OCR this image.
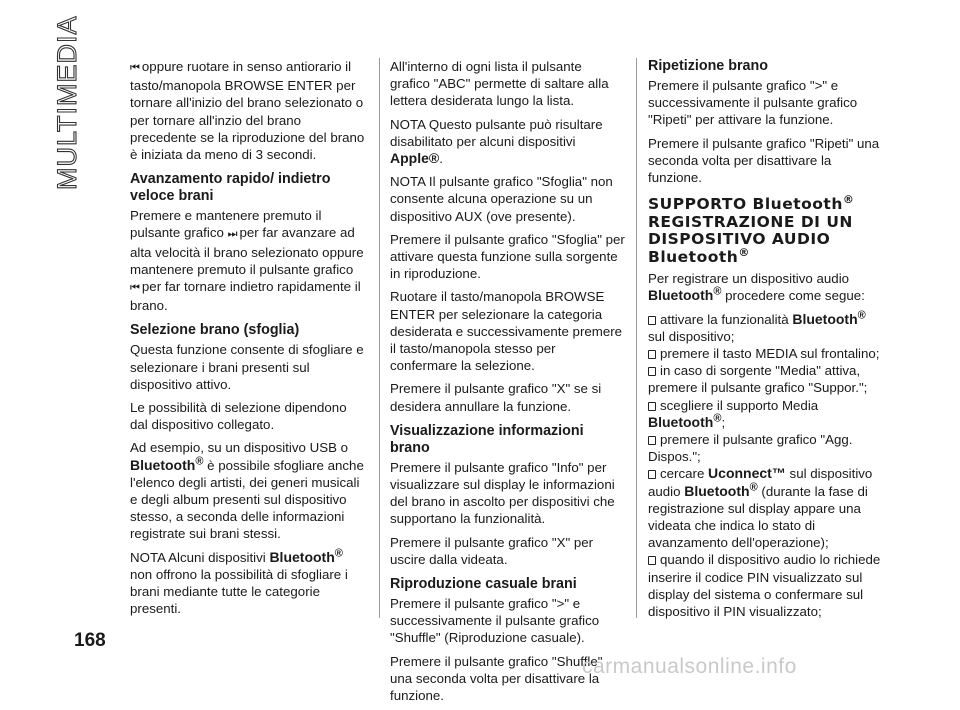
MULTIMEDIA	⏮ oppure ruotare in senso antiorario il tasto/manopola BROWSE ENTER per tornare all'inizio del brano selezionato o per tornare all'inzio del brano precedente se la riproduzione del brano è iniziata da meno di 3 secondi.

Avanzamento rapido/ indietro veloce brani

Premere e mantenere premuto il pulsante grafico ⏭ per far avanzare ad alta velocità il brano selezionato oppure mantenere premuto il pulsante grafico
⏮ per far tornare indietro rapidamente il brano.

Selezione brano (sfoglia)

Questa funzione consente di sfogliare e selezionare i brani presenti sul dispositivo attivo.

Le possibilità di selezione dipendono dal dispositivo collegato.

Ad esempio, su un dispositivo USB o
Bluetooth® è possibile sfogliare anche l'elenco degli artisti, dei generi musicali e degli album presenti sul dispositivo stesso, a seconda delle informazioni registrate sui brani stessi.

NOTA Alcuni dispositivi Bluetooth® non offrono la possibilità di sfogliare i brani mediante tutte le categorie presenti.

All'interno di ogni lista il pulsante grafico "ABC" permette di saltare alla lettera desiderata lungo la lista.

NOTA Questo pulsante può risultare disabilitato per alcuni dispositivi
Apple®.

NOTA Il pulsante grafico "Sfoglia" non consente alcuna operazione su un dispositivo AUX (ove presente).

Premere il pulsante grafico "Sfoglia" per attivare questa funzione sulla sorgente in riproduzione.

Ruotare il tasto/manopola BROWSE ENTER per selezionare la categoria desiderata e successivamente premere il tasto/manopola stesso per confermare la selezione.

Premere il pulsante grafico "X" se si desidera annullare la funzione.

Visualizzazione informazioni brano

Premere il pulsante grafico "Info" per visualizzare sul display le informazioni del brano in ascolto per dispositivi che supportano la funzionalità.

Premere il pulsante grafico "X" per uscire dalla videata.

Riproduzione casuale brani

Premere il pulsante grafico ">" e successivamente il pulsante grafico "Shuffle" (Riproduzione casuale).

Premere il pulsante grafico "Shuffle" una seconda volta per disattivare la funzione.

Ripetizione brano

Premere il pulsante grafico ">" e successivamente il pulsante grafico "Ripeti" per attivare la funzione.

Premere il pulsante grafico "Ripeti" una seconda volta per disattivare la funzione.

SUPPORTO Bluetooth®
REGISTRAZIONE DI UN DISPOSITIVO AUDIO
Bluetooth®

Per registrare un dispositivo audio
Bluetooth® procedere come segue:

attivare la funzionalità Bluetooth®
sul dispositivo;
premere il tasto MEDIA sul frontalino;
in caso di sorgente "Media" attiva, premere il pulsante grafico "Suppor.";
scegliere il supporto Media
Bluetooth®;
premere il pulsante grafico "Agg. Dispos.";
cercare Uconnect™ sul dispositivo audio Bluetooth® (durante la fase di registrazione sul display appare una videata che indica lo stato di avanzamento dell'operazione);
quando il dispositivo audio lo richiede inserire il codice PIN visualizzato sul display del sistema o confermare sul dispositivo il PIN visualizzato;
168
carmanualsonline.info
